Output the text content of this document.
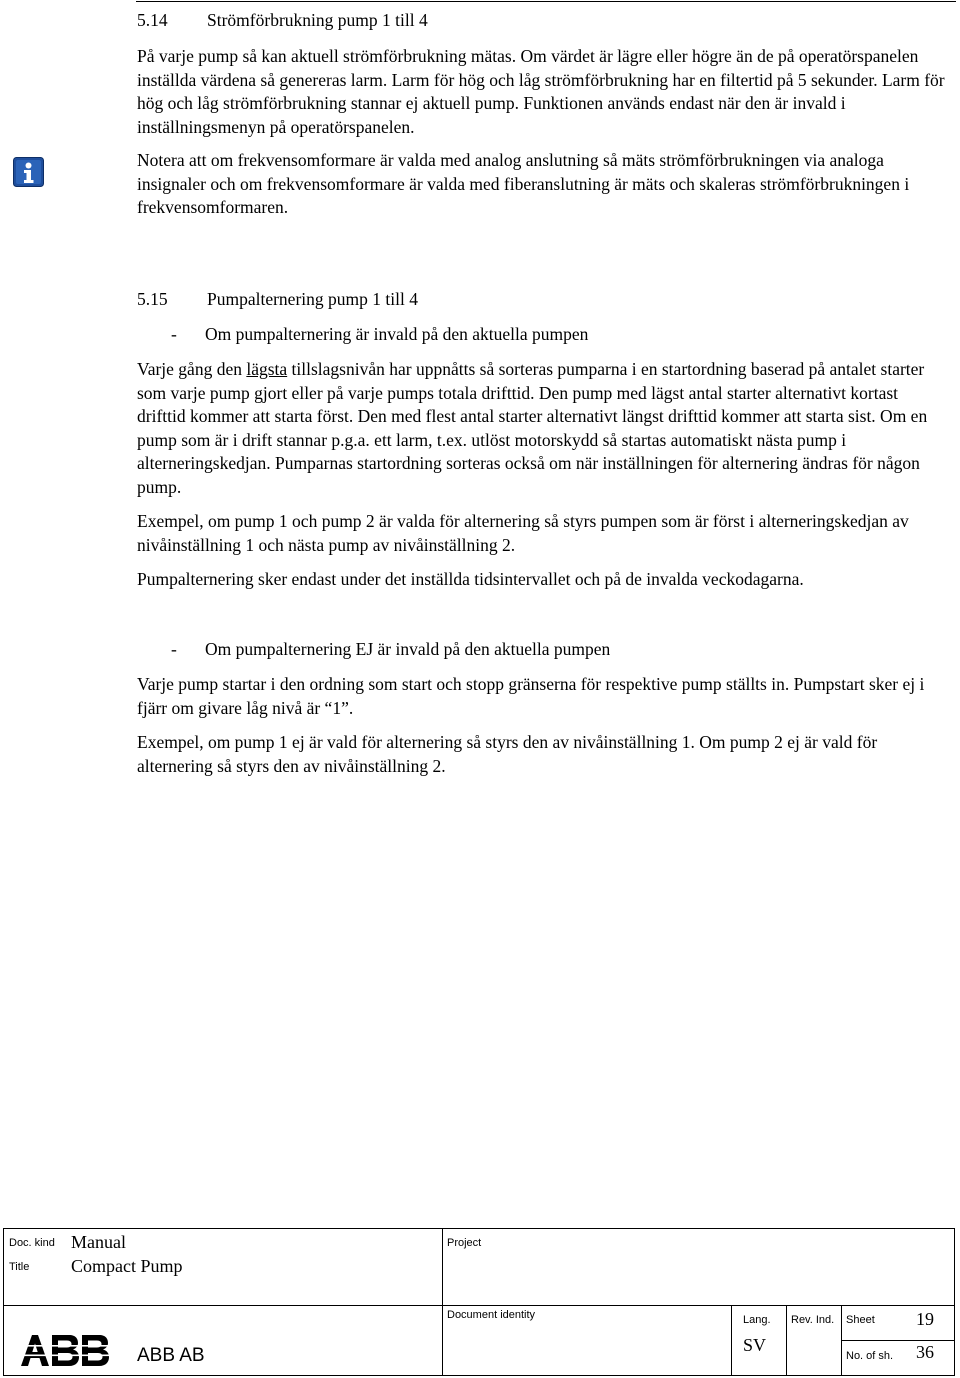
5.14 Strömförbrukning pump 1 till 4

På varje pump så kan aktuell strömförbrukning mätas. Om värdet är lägre eller högre än de på operatörspanelen inställda värdena så genereras larm. Larm för hög och låg strömförbrukning har en filtertid på 5 sekunder. Larm för hög och låg strömförbrukning stannar ej aktuell pump. Funktionen används endast när den är invald i inställningsmenyn på operatörspanelen.

Notera att om frekvensomformare är valda med analog anslutning så mäts strömförbrukningen via analoga insignaler och om frekvensomformare är valda med fiberanslutning är mäts och skaleras strömförbrukningen i frekvensomformaren.

5.15 Pumpalternering pump 1 till 4
- Om pumpalternering är invald på den aktuella pumpen

Varje gång den lägsta tillslagsnivån har uppnåtts så sorteras pumparna i en startordning baserad på antalet starter som varje pump gjort eller på varje pumps totala drifttid. Den pump med lägst antal starter alternativt kortast drifttid kommer att starta först. Den med flest antal starter alternativt längst drifttid kommer att starta sist. Om en pump som är i drift stannar p.g.a. ett larm, t.ex. utlöst motorskydd så startas automatiskt nästa pump i alterneringskedjan. Pumparnas startordning sorteras också om när inställningen för alternering ändras för någon pump.

Exempel, om pump 1 och pump 2 är valda för alternering så styrs pumpen som är först i alterneringskedjan av nivåinställning 1 och nästa pump av nivåinställning 2.

Pumpalternering sker endast under det inställda tidsintervallet och på de invalda veckodagarna.

- Om pumpalternering EJ är invald på den aktuella pumpen

Varje pump startar i den ordning som start och stopp gränserna för respektive pump ställts in. Pumpstart sker ej i fjärr om givare låg nivå är “1”.

Exempel, om pump 1 ej är vald för alternering så styrs den av nivåinställning 1. Om pump 2 ej är vald för alternering så styrs den av nivåinställning 2.

Doc. kind Manual
Title Compact Pump
Project
Document identity
ABB AB
Lang.
SV
Rev. Ind. Sheet 19
No. of sh. 36
